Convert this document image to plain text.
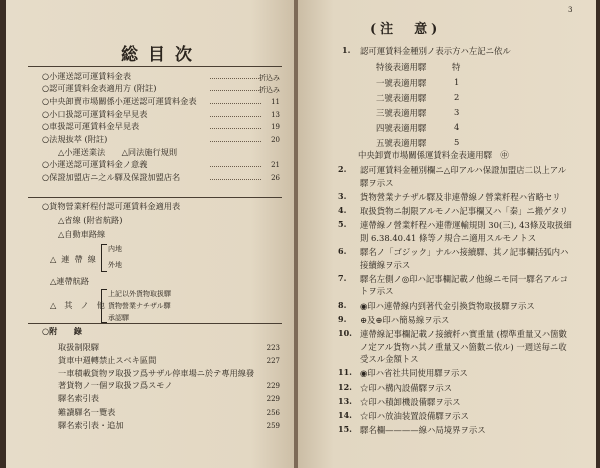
総目次
○小運送認可運賃料金表	折込み
○認可運賃料金表適用方 (附註)	折込み
○中央卸賣市場關係小運送認可運賃料金表	11
○小口扱認可運賃料金早見表	13
○車扱認可運賃料金早見表	19
○法規抜萃 (附註)	20
△小運送業法　　△同法施行規則
○小運送認可運賃料金ノ意義	21
○保證加盟店ニ之ル驛及保證加盟店名	26
○貨物營業粁程付認可運賃料金適用表
△省線 (附省航路)
△自動車路線
△連帶線
内地
外地
△連帶航路
△其ノ他
上記以外貨物取扱驛
貨物營業ナチザル驛
承認驛
○附　　錄
取扱制限驛	223
貨車中週轉禁止スベキ區間	227
一車積載貨物ヲ取扱フ爲サザル停車場ニ於テ專用線發
著貨物ノ一個ヲ取扱フ爲スモノ	229
驛名索引表	229
難讀驛名一覽表	256
驛名索引表・追加	259
3
(注　意)
1. 認可運賃料金種別ノ表示方ハ左記ニ依ル
特後表適用驛	特
一號表適用驛	1
二號表適用驛	2
三號表適用驛	3
四號表適用驛	4
五號表適用驛	5
中央卸賣市場關係運賃料金表適用驛　㊥
2. 認可運賃料金種別欄ニ△印アルハ保證加盟店二以上アル
驛ヲ示ス
3. 貨物營業ナチザル驛及非連帶線ノ營業粁程ハ省略セリ
4. 取扱貨物ニ制限アルモノハ記事欄又ハ「秦」ニ搬ゲタリ
5. 連帶線ノ營業粁程ハ連帶運輸規則 30(三), 43條及取扱細
則 6.38.40.41 條等ノ規合ニ適用スルモノトス
6. 驛名ノ「ゴジック」ナルハ接續驛、其ノ記事欄括弧内ハ
接續線ヲ示ス
7. 驛名左側ノ◎印ハ記事欄記載ノ他線ニモ同一驛名アルコ
トヲ示ス
8. ◉印ハ連帶線内到著代金引換貨物取扱驛ヲ示ス
9. ⊕及⊕印ハ簡易線ヲ示ス
10. 連帶線記事欄記載ノ接續粁ハ實重量 (標準重量又ハ箇數
ノ定アル貨物ハ其ノ重量又ハ箇數ニ依ル) 一週送毎ニ收
受スル金額トス
11. ◉印ハ省社共同使用驛ヲ示ス
12. ☆印ハ構內設備驛ヲ示ス
13. ☆印ハ積卸機設備驛ヲ示ス
14. ☆印ハ放油装置設備驛ヲ示ス
15. 驛名欄————線ハ局境界ヲ示ス
